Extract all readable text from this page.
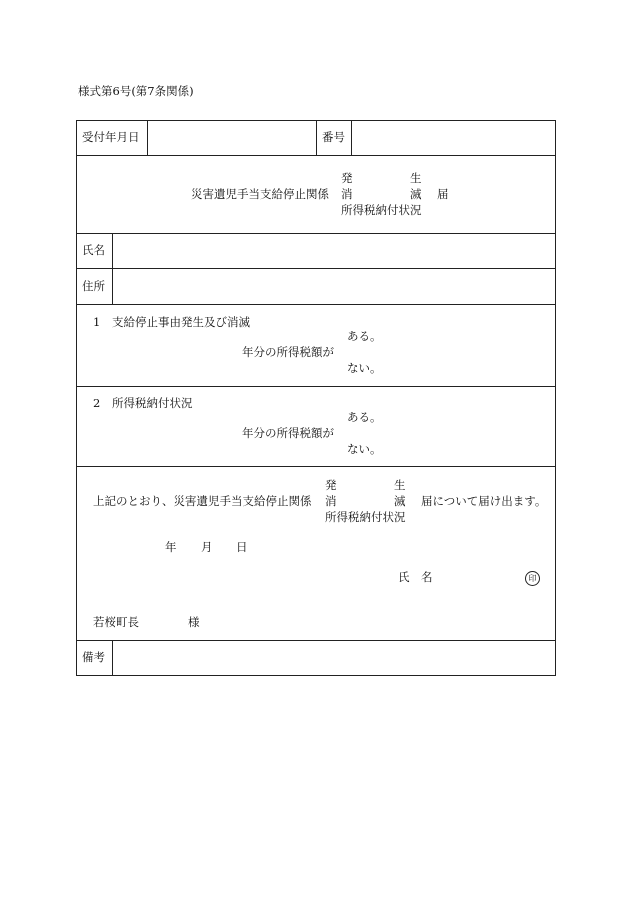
様式第6号(第7条関係)
受付年月日	番号
災害遺児手当支給停止関係
発　　　　　生
消　　　　　滅
所得税納付状況
届
氏名
住所
1 支給停止事由発生及び消滅
年分の所得税額が
ある。
ない。
2 所得税納付状況
年分の所得税額が
ある。
ない。
上記のとおり、災害遺児手当支給停止関係
発　　　　　生
消　　　　　滅
所得税納付状況
届について届け出ます。
年 月 日
氏　名	印
若桜町長	様
備考
